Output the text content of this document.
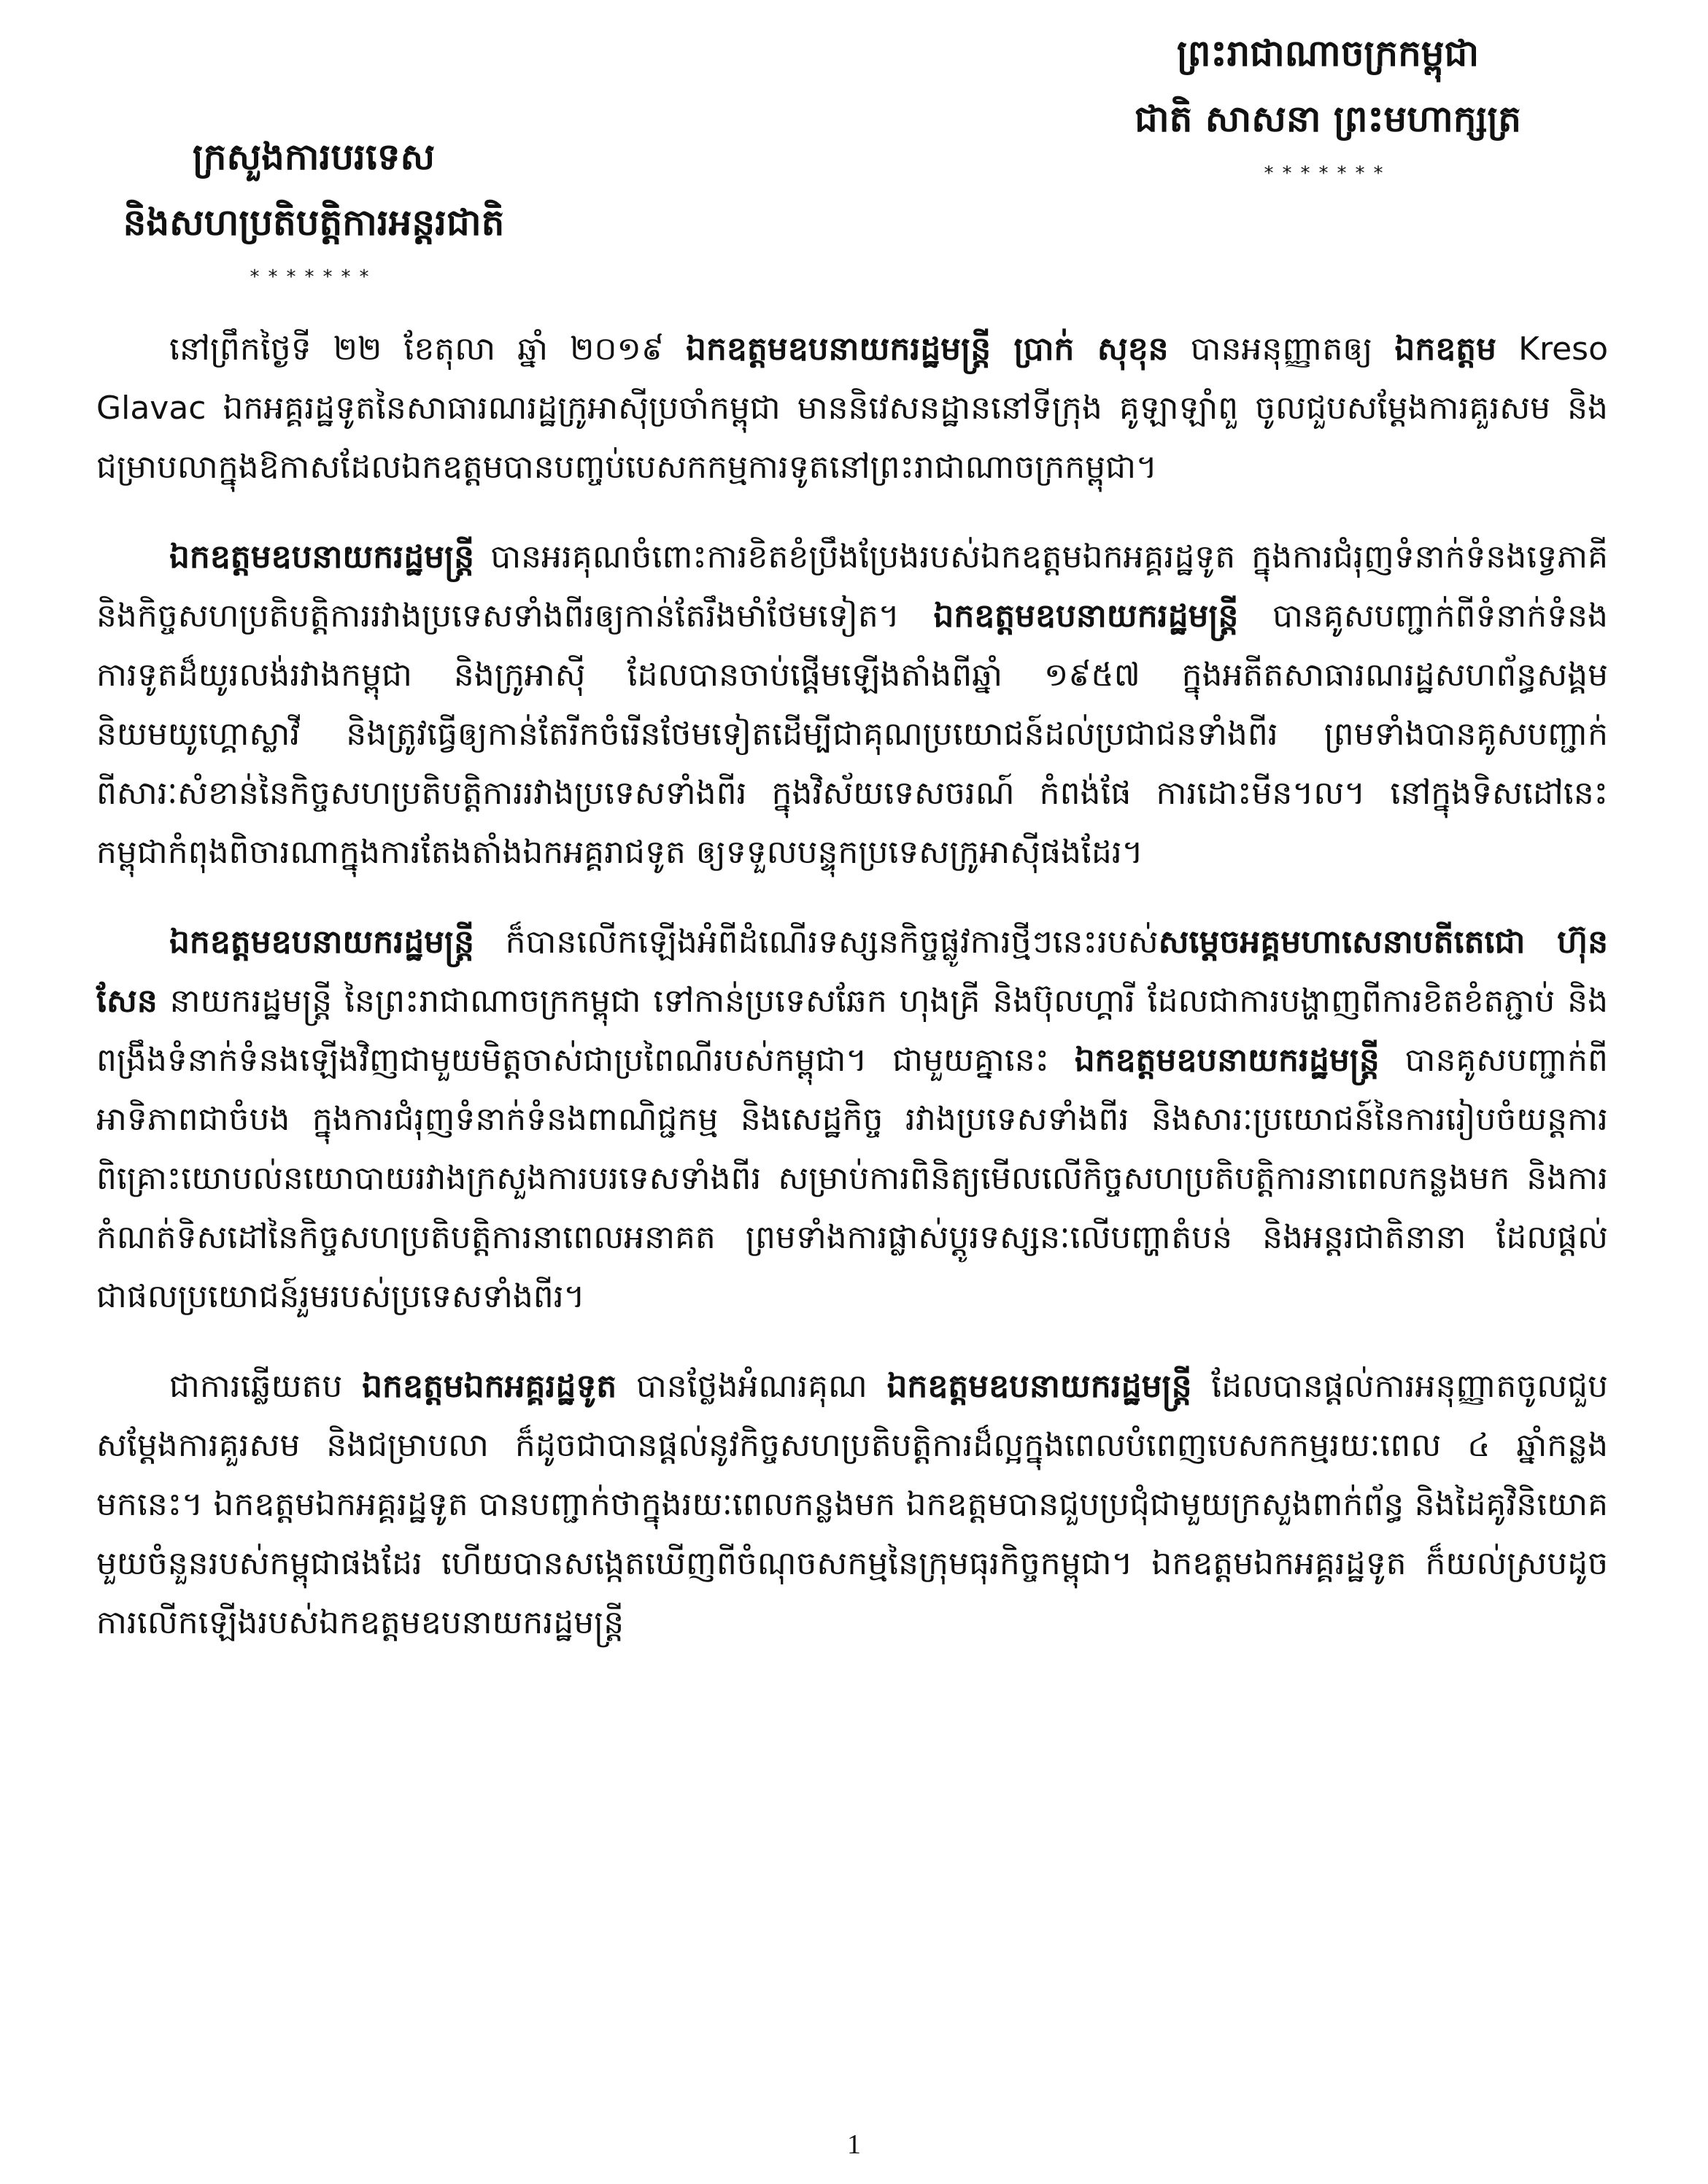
ព្រះរាជាណាចក្រកម្ពុជា
ជាតិ សាសនា ព្រះមហាក្សត្រ
*******
ក្រសួងការបរទេស
និងសហប្រតិបត្តិការអន្តរជាតិ
*******

នៅព្រឹកថ្ងៃទី ២២ ខែតុលា ឆ្នាំ ២០១៩ ឯកឧត្តមឧបនាយករដ្ឋមន្ត្រី ប្រាក់ សុខុន បានអនុញ្ញាតឲ្យ ឯកឧត្តម Kreso Glavac ឯកអគ្គរដ្ឋទូតនៃសាធារណរដ្ឋក្រូអាស៊ីប្រចាំកម្ពុជា មាននិវេសនដ្ឋាននៅទីក្រុង គូឡាឡាំពួ ចូលជួបសម្តែងការគួរសម និងជម្រាបលាក្នុងឱកាសដែលឯកឧត្តមបានបញ្ចប់បេសកកម្មការទូតនៅព្រះរាជាណាចក្រកម្ពុជា។

ឯកឧត្តមឧបនាយករដ្ឋមន្ត្រី បានអរគុណចំពោះការខិតខំប្រឹងប្រែងរបស់ឯកឧត្តមឯកអគ្គរដ្ឋទូត ក្នុងការជំរុញទំនាក់ទំនងទ្វេភាគី និងកិច្ចសហប្រតិបត្តិការរវាងប្រទេសទាំងពីរឲ្យកាន់តែរឹងមាំថែមទៀត។ ឯកឧត្តមឧបនាយករដ្ឋមន្ត្រី បានគូសបញ្ជាក់ពីទំនាក់ទំនងការទូតដ៏យូរលង់រវាងកម្ពុជា និងក្រូអាស៊ី ដែលបានចាប់ផ្តើមឡើងតាំងពីឆ្នាំ ១៩៥៧ ក្នុងអតីតសាធារណរដ្ឋសហព័ន្ធសង្គមនិយមយូហ្គោស្លាវី និងត្រូវធ្វើឲ្យកាន់តែរីកចំរើនថែមទៀតដើម្បីជាគុណប្រយោជន៍ដល់ប្រជាជនទាំងពីរ ព្រមទាំងបានគូសបញ្ជាក់ពីសារៈសំខាន់នៃកិច្ចសហប្រតិបត្តិការរវាងប្រទេសទាំងពីរ ក្នុងវិស័យទេសចរណ៍ កំពង់ផែ ការដោះមីន។ល។ នៅក្នុងទិសដៅនេះ កម្ពុជាកំពុងពិចារណាក្នុងការតែងតាំងឯកអគ្គរាជទូត ឲ្យទទួលបន្ទុកប្រទេសក្រូអាស៊ីផងដែរ។

ឯកឧត្តមឧបនាយករដ្ឋមន្ត្រី ក៏បានលើកឡើងអំពីដំណើរទស្សនកិច្ចផ្លូវការថ្មីៗនេះរបស់សម្តេចអគ្គមហាសេនាបតីតេជោ ហ៊ុន សែន នាយករដ្ឋមន្ត្រី នៃព្រះរាជាណាចក្រកម្ពុជា ទៅកាន់ប្រទេសឆែក ហុងគ្រី និងប៊ុលហ្គារី ដែលជាការបង្ហាញពីការខិតខំតភ្ជាប់ និងពង្រឹងទំនាក់ទំនងឡើងវិញជាមួយមិត្តចាស់ជាប្រពៃណីរបស់កម្ពុជា។ ជាមួយគ្នានេះ ឯកឧត្តមឧបនាយករដ្ឋមន្ត្រី បានគូសបញ្ជាក់ពីអាទិភាពជាចំបង ក្នុងការជំរុញទំនាក់ទំនងពាណិជ្ជកម្ម និងសេដ្ឋកិច្ច រវាងប្រទេសទាំងពីរ និងសារៈប្រយោជន៍នៃការរៀបចំយន្តការពិគ្រោះយោបល់នយោបាយរវាងក្រសួងការបរទេសទាំងពីរ សម្រាប់ការពិនិត្យមើលលើកិច្ចសហប្រតិបត្តិការនាពេលកន្លងមក និងការកំណត់ទិសដៅនៃកិច្ចសហប្រតិបត្តិការនាពេលអនាគត ព្រមទាំងការផ្លាស់ប្តូរទស្សនៈលើបញ្ហាតំបន់ និងអន្តរជាតិនានា ដែលផ្តល់ជាផលប្រយោជន៍រួមរបស់ប្រទេសទាំងពីរ។

ជាការឆ្លើយតប ឯកឧត្តមឯកអគ្គរដ្ឋទូត បានថ្លែងអំណរគុណ ឯកឧត្តមឧបនាយករដ្ឋមន្ត្រី ដែលបានផ្តល់ការអនុញ្ញាតចូលជួបសម្តែងការគួរសម និងជម្រាបលា ក៏ដូចជាបានផ្តល់នូវកិច្ចសហប្រតិបត្តិការដ៏ល្អក្នុងពេលបំពេញបេសកកម្មរយៈពេល ៤ ឆ្នាំកន្លងមកនេះ។ ឯកឧត្តមឯកអគ្គរដ្ឋទូត បានបញ្ជាក់ថាក្នុងរយៈពេលកន្លងមក ឯកឧត្តមបានជួបប្រជុំជាមួយក្រសួងពាក់ព័ន្ធ និងដៃគូវិនិយោគមួយចំនួនរបស់កម្ពុជាផងដែរ ហើយបានសង្កេតឃើញពីចំណុចសកម្មនៃក្រុមធុរកិច្ចកម្ពុជា។ ឯកឧត្តមឯកអគ្គរដ្ឋទូត ក៏យល់ស្របដូចការលើកឡើងរបស់ឯកឧត្តមឧបនាយករដ្ឋមន្ត្រី

1
